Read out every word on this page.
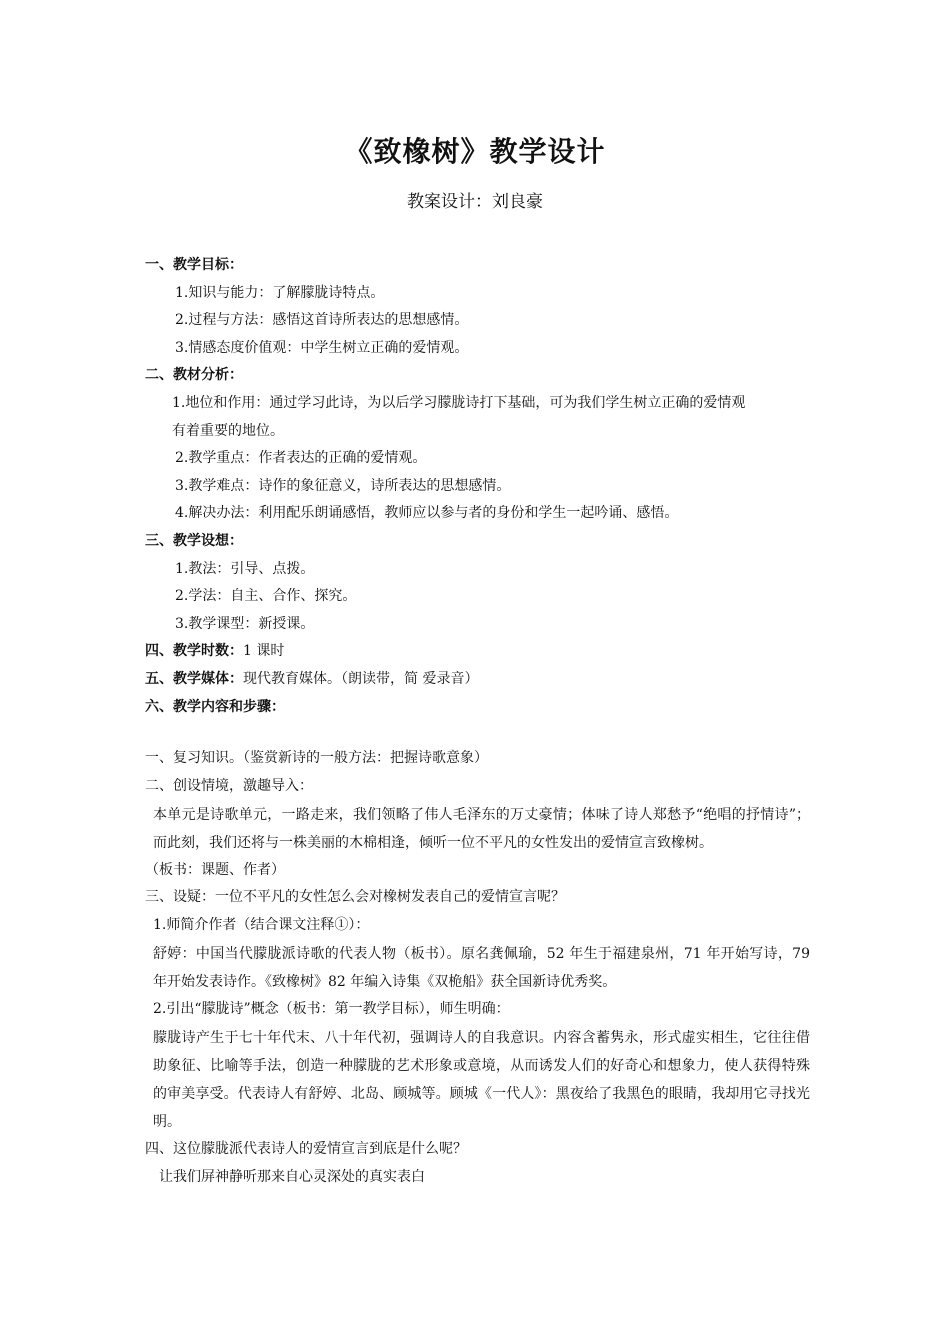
《致橡树》教学设计
教案设计：刘良豪
一、教学目标：
1.知识与能力：了解朦胧诗特点。
2.过程与方法：感悟这首诗所表达的思想感情。
3.情感态度价值观：中学生树立正确的爱情观。
二、教材分析：
1.地位和作用：通过学习此诗，为以后学习朦胧诗打下基础，可为我们学生树立正确的爱情观
有着重要的地位。
2.教学重点：作者表达的正确的爱情观。
3.教学难点：诗作的象征意义，诗所表达的思想感情。
4.解决办法：利用配乐朗诵感悟，教师应以参与者的身份和学生一起吟诵、感悟。
三、教学设想：
1.教法：引导、点拨。
2.学法：自主、合作、探究。
3.教学课型：新授课。
四、教学时数：1 课时
五、教学媒体：现代教育媒体。（朗读带，简 爱录音）
六、教学内容和步骤：
一、复习知识。（鉴赏新诗的一般方法：把握诗歌意象）
二、创设情境，激趣导入：
本单元是诗歌单元，一路走来，我们领略了伟人毛泽东的万丈豪情；体味了诗人郑愁予“绝唱的抒情诗”；而此刻，我们还将与一株美丽的木棉相逢，倾听一位不平凡的女性发出的爱情宣言致橡树。
（板书：课题、作者）
三、设疑：一位不平凡的女性怎么会对橡树发表自己的爱情宣言呢？
1.师简介作者（结合课文注释①）：
舒婷：中国当代朦胧派诗歌的代表人物（板书）。原名龚佩瑜，52 年生于福建泉州，71 年开始写诗，79 年开始发表诗作。《致橡树》82 年编入诗集《双桅船》获全国新诗优秀奖。
2.引出“朦胧诗”概念（板书：第一教学目标），师生明确：
朦胧诗产生于七十年代末、八十年代初，强调诗人的自我意识。内容含蓄隽永，形式虚实相生，它往往借助象征、比喻等手法，创造一种朦胧的艺术形象或意境，从而诱发人们的好奇心和想象力，使人获得特殊的审美享受。代表诗人有舒婷、北岛、顾城等。顾城《一代人》：黑夜给了我黑色的眼睛，我却用它寻找光明。
四、这位朦胧派代表诗人的爱情宣言到底是什么呢？
让我们屏神静听那来自心灵深处的真实表白
